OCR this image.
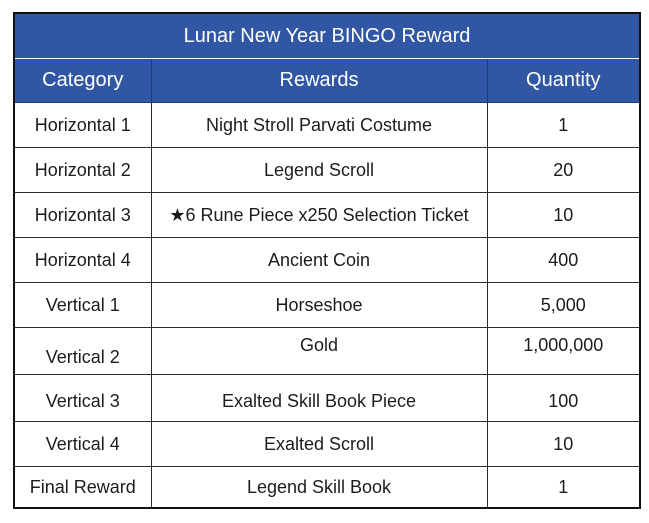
Lunar New Year BINGO Reward		
Category	Rewards	Quantity
Horizontal 1	Night Stroll Parvati Costume	1
Horizontal 2	Legend Scroll	20
Horizontal 3	★6 Rune Piece x250 Selection Ticket	10
Horizontal 4	Ancient Coin	400
Vertical 1	Horseshoe	5,000
Vertical 2	Gold	1,000,000
Vertical 3	Exalted Skill Book Piece	100
Vertical 4	Exalted Scroll	10
Final Reward	Legend Skill Book	1
